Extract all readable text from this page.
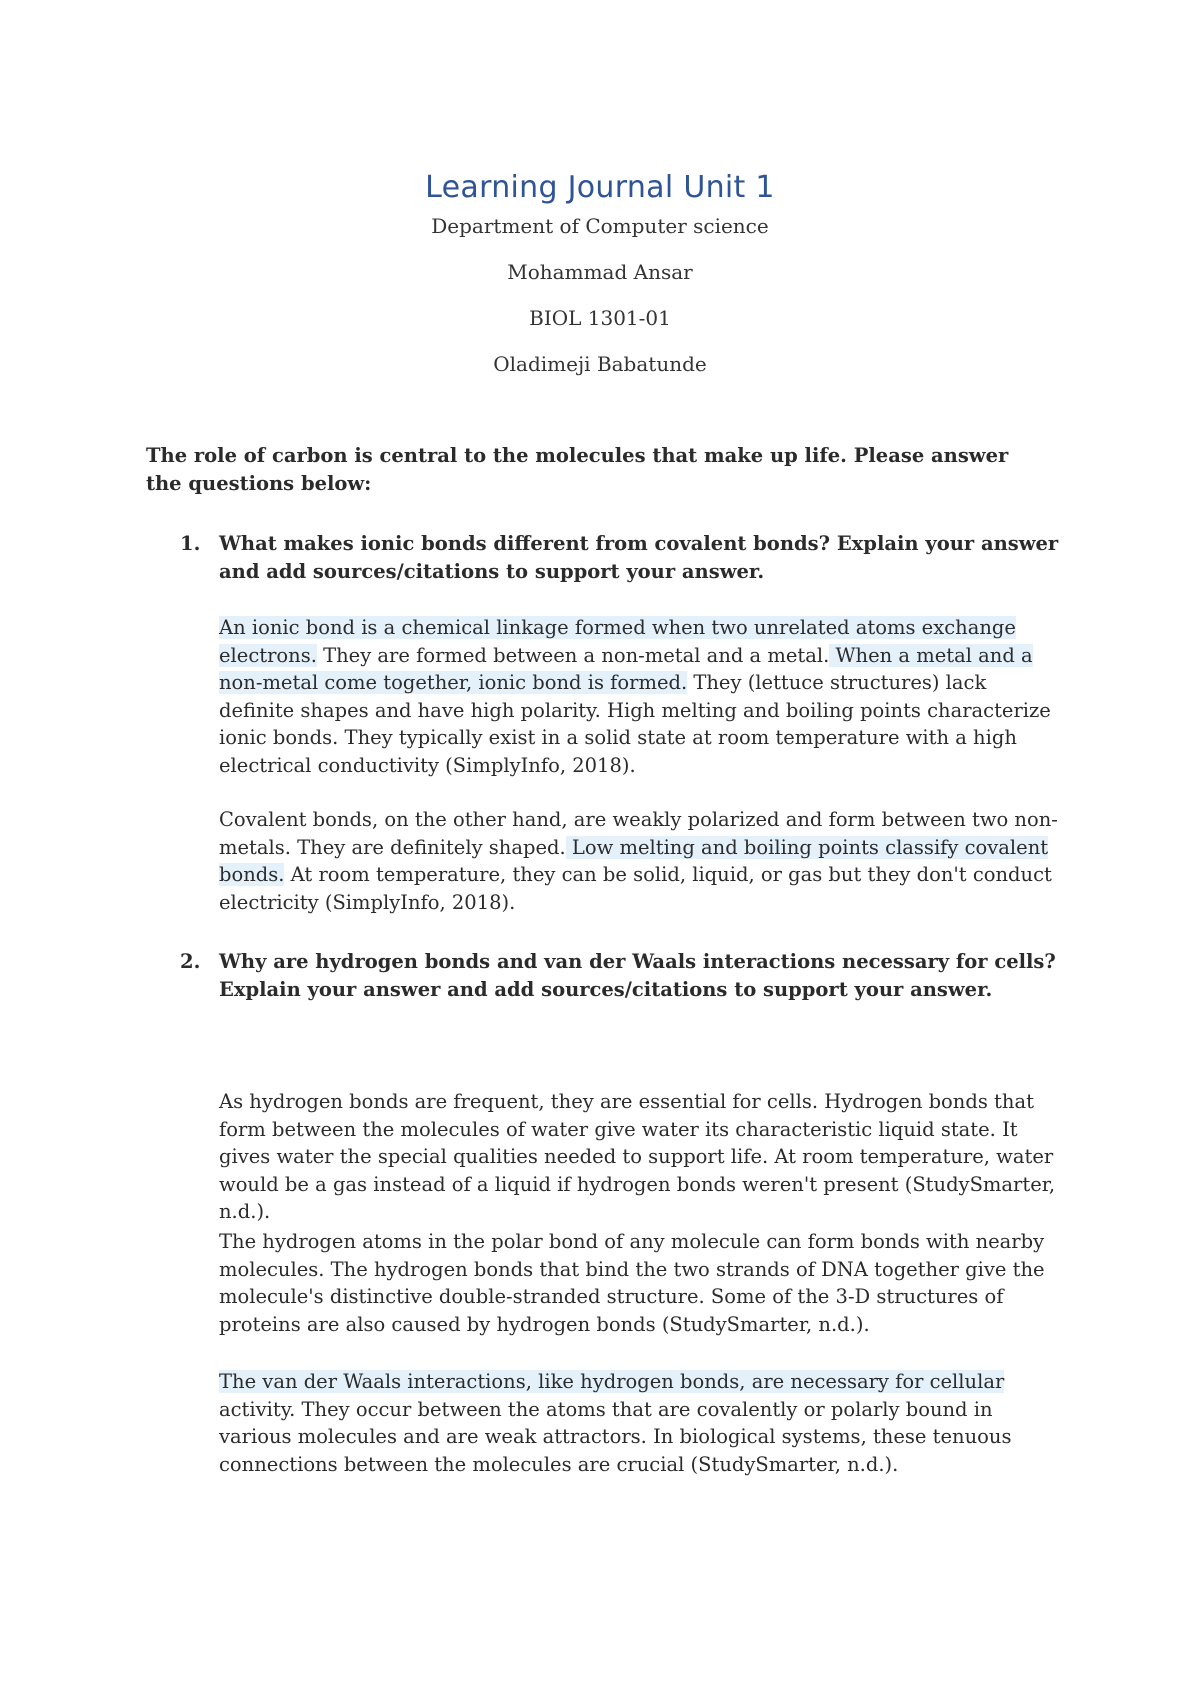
Learning Journal Unit 1
Department of Computer science
Mohammad Ansar
BIOL 1301-01
Oladimeji Babatunde
The role of carbon is central to the molecules that make up life. Please answer the questions below:
1. What makes ionic bonds different from covalent bonds? Explain your answer and add sources/citations to support your answer.
An ionic bond is a chemical linkage formed when two unrelated atoms exchange electrons. They are formed between a non-metal and a metal. When a metal and a non-metal come together, ionic bond is formed. They (lettuce structures) lack definite shapes and have high polarity. High melting and boiling points characterize ionic bonds. They typically exist in a solid state at room temperature with a high electrical conductivity (SimplyInfo, 2018).
Covalent bonds, on the other hand, are weakly polarized and form between two non-metals. They are definitely shaped. Low melting and boiling points classify covalent bonds. At room temperature, they can be solid, liquid, or gas but they don't conduct electricity (SimplyInfo, 2018).
2. Why are hydrogen bonds and van der Waals interactions necessary for cells? Explain your answer and add sources/citations to support your answer.
As hydrogen bonds are frequent, they are essential for cells. Hydrogen bonds that form between the molecules of water give water its characteristic liquid state. It gives water the special qualities needed to support life. At room temperature, water would be a gas instead of a liquid if hydrogen bonds weren't present (StudySmarter, n.d.).
The hydrogen atoms in the polar bond of any molecule can form bonds with nearby molecules. The hydrogen bonds that bind the two strands of DNA together give the molecule's distinctive double-stranded structure. Some of the 3-D structures of proteins are also caused by hydrogen bonds (StudySmarter, n.d.).
The van der Waals interactions, like hydrogen bonds, are necessary for cellular activity. They occur between the atoms that are covalently or polarly bound in various molecules and are weak attractors. In biological systems, these tenuous connections between the molecules are crucial (StudySmarter, n.d.).
